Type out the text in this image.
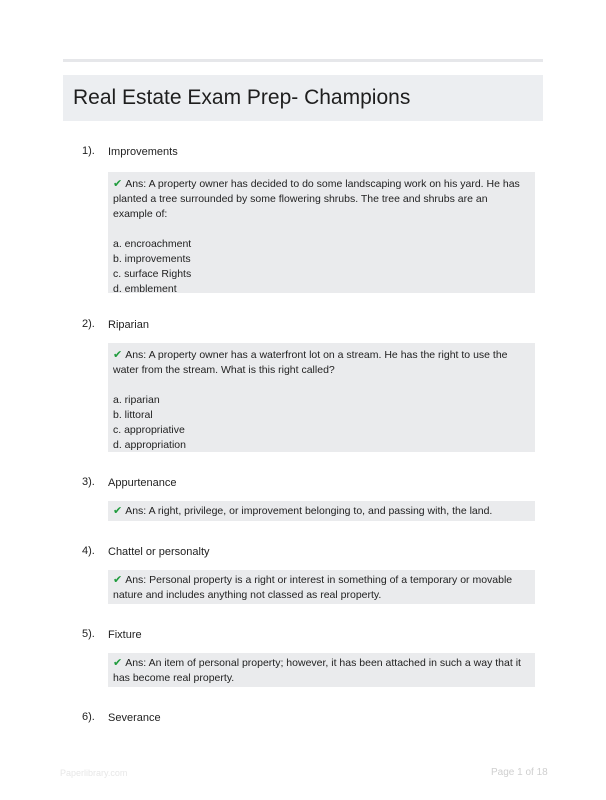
Real Estate Exam Prep- Champions
1). Improvements

✔ Ans: A property owner has decided to do some landscaping work on his yard. He has planted a tree surrounded by some flowering shrubs. The tree and shrubs are an example of:

a. encroachment

b. improvements

c. surface Rights

d. emblement

2). Riparian

✔ Ans: A property owner has a waterfront lot on a stream. He has the right to use the water from the stream. What is this right called?

a. riparian

b. littoral

c. appropriative

d. appropriation

3). Appurtenance

✔ Ans: A right, privilege, or improvement belonging to, and passing with, the land.

4). Chattel or personalty

✔ Ans: Personal property is a right or interest in something of a temporary or movable nature and includes anything not classed as real property.

5). Fixture

✔ Ans: An item of personal property; however, it has been attached in such a way that it has become real property.

6). Severance
Paperlibrary.com	Page 1 of 18
